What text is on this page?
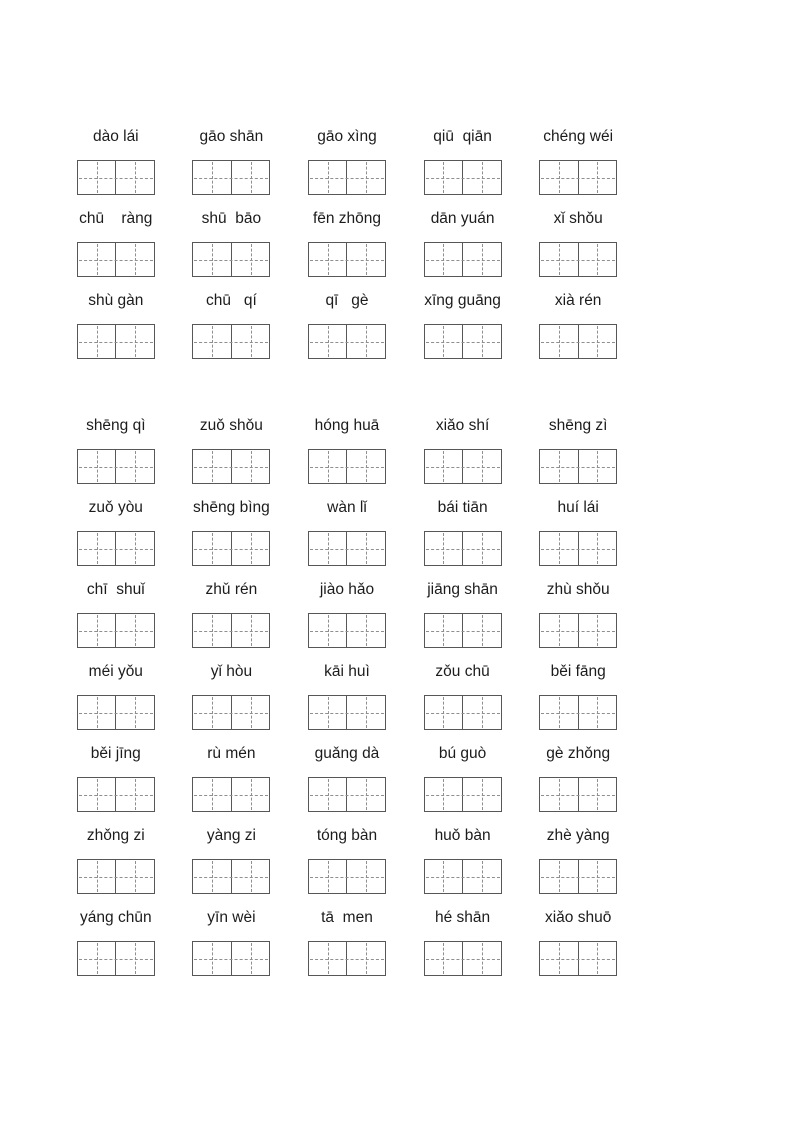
dào lái	gāo shān	gāo xìng	qiū  qiān	chéng wéi
chū    ràng	shū  bāo	fēn zhōng	dān yuán	xǐ shǒu
shù gàn	chū   qí	qī   gè	xīng guāng	xià rén
shēng qì	zuǒ shǒu	hóng huā	xiǎo shí	shēng zì
zuǒ yòu	shēng bìng	wàn lǐ	bái tiān	huí lái
chī  shuǐ	zhǔ rén	jiào hǎo	jiāng shān	zhù shǒu
méi yǒu	yǐ hòu	kāi huì	zǒu chū	běi fāng
běi jīng	rù mén	guǎng dà	bú guò	gè zhǒng
zhǒng zi	yàng zi	tóng bàn	huǒ bàn	zhè yàng
yáng chūn	yīn wèi	tā  men	hé shān	xiǎo shuō
